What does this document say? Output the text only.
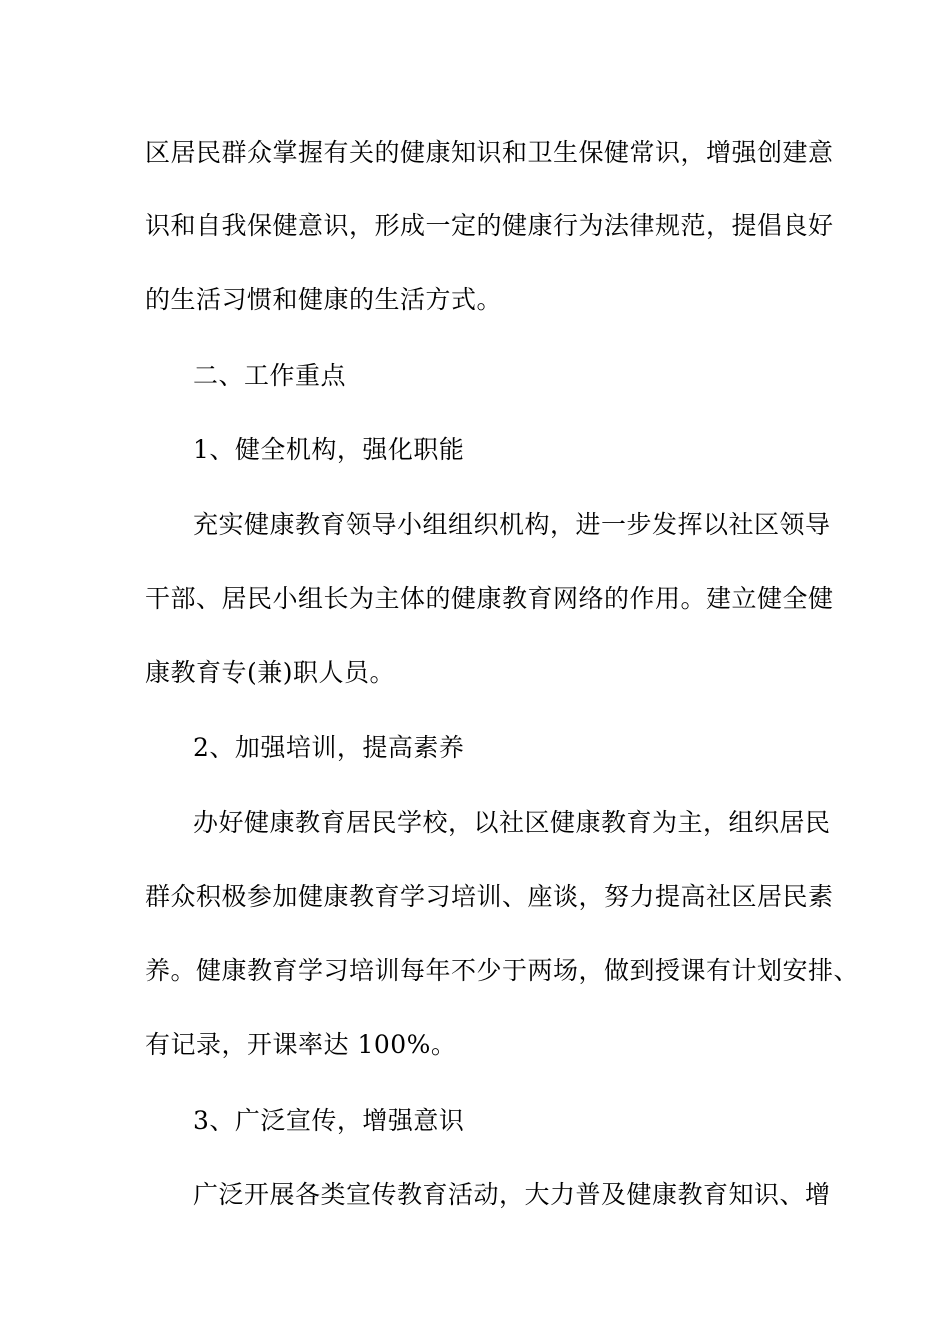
区居民群众掌握有关的健康知识和卫生保健常识，增强创建意
识和自我保健意识，形成一定的健康行为法律规范，提倡良好
的生活习惯和健康的生活方式。
二、工作重点
1、健全机构，强化职能
充实健康教育领导小组组织机构，进一步发挥以社区领导
干部、居民小组长为主体的健康教育网络的作用。建立健全健
康教育专(兼)职人员。
2、加强培训，提高素养
办好健康教育居民学校，以社区健康教育为主，组织居民
群众积极参加健康教育学习培训、座谈，努力提高社区居民素
养。健康教育学习培训每年不少于两场，做到授课有计划安排、
有记录，开课率达 100%。
3、广泛宣传，增强意识
广泛开展各类宣传教育活动，大力普及健康教育知识、增
